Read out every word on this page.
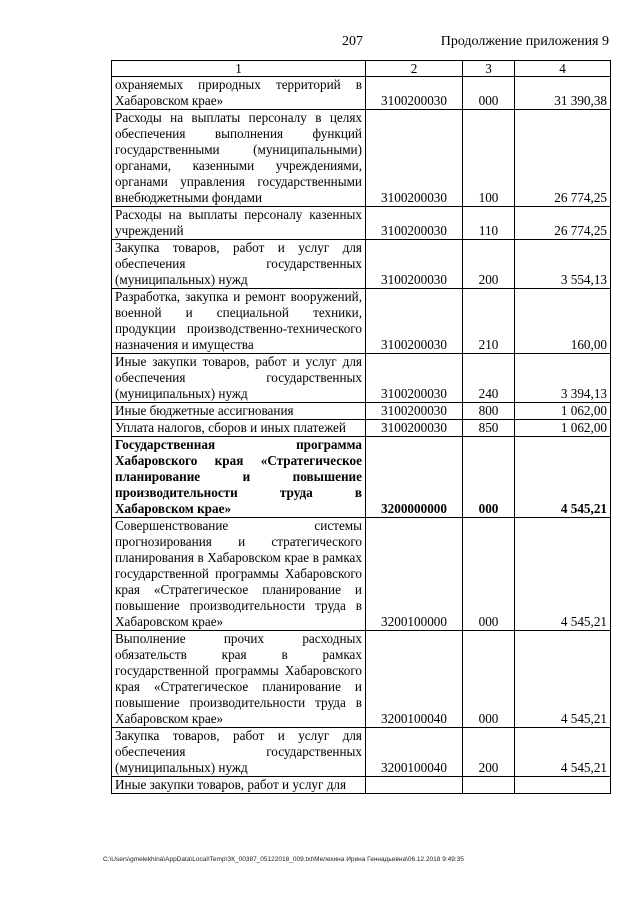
207	Продолжение приложения 9
1	2	3	4
охраняемых природных территорий в Хабаровском крае»	3100200030	000	31 390,38
Расходы на выплаты персоналу в целях обеспечения выполнения функций государственными (муниципальными) органами, казенными учреждениями, органами управления государственными внебюджетными фондами	3100200030	100	26 774,25
Расходы на выплаты персоналу казенных учреждений	3100200030	110	26 774,25
Закупка товаров, работ и услуг для обеспечения государственных (муниципальных) нужд	3100200030	200	3 554,13
Разработка, закупка и ремонт вооружений, военной и специальной техники, продукции производственно-технического назначения и имущества	3100200030	210	160,00
Иные закупки товаров, работ и услуг для обеспечения государственных (муниципальных) нужд	3100200030	240	3 394,13
Иные бюджетные ассигнования	3100200030	800	1 062,00
Уплата налогов, сборов и иных платежей	3100200030	850	1 062,00
Государственная программа Хабаровского края «Стратегическое планирование и повышение производительности труда в Хабаровском крае»	3200000000	000	4 545,21
Совершенствование системы прогнозирования и стратегического планирования в Хабаровском крае в рамках государственной программы Хабаровского края «Стратегическое планирование и повышение производительности труда в Хабаровском крае»	3200100000	000	4 545,21
Выполнение прочих расходных обязательств края в рамках государственной программы Хабаровского края «Стратегическое планирование и повышение производительности труда в Хабаровском крае»	3200100040	000	4 545,21
Закупка товаров, работ и услуг для обеспечения государственных (муниципальных) нужд	3200100040	200	4 545,21
Иные закупки товаров, работ и услуг для			
C:\Users\gmelekhina\AppData\Local\Temp\ЗК_00387_05122018_009.txt\Мелехина Ирина Геннадьевна\06.12.2018 9:49:35
